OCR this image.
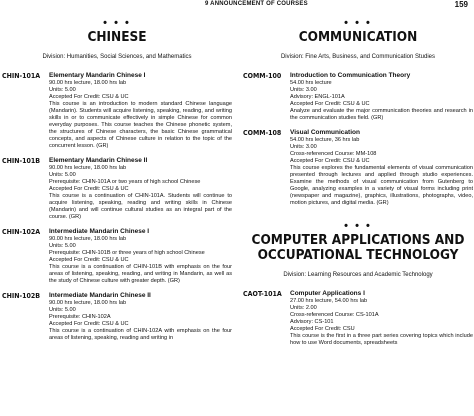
9 ANNOUNCEMENT OF COURSES	159
• • •
CHINESE
Division: Humanities, Social Sciences, and Mathematics
CHIN-101A Elementary Mandarin Chinese I
90.00 hrs lecture, 18.00 hrs lab
Units: 5.00
Accepted For Credit: CSU & UC
This course is an introduction to modern standard Chinese language (Mandarin). Students will acquire listening, speaking, reading, and writing skills in or to communicate effectively in simple Chinese for common everyday purposes. This course teaches the Chinese phonetic system, the structures of Chinese characters, the basic Chinese grammatical concepts, and aspects of Chinese culture in relation to the topic of the concurrent lesson. (GR)
CHIN-101B Elementary Mandarin Chinese II
90.00 hrs lecture, 18.00 hrs lab
Units: 5.00
Prerequisite: CHIN-101A or two years of high school Chinese
Accepted For Credit: CSU & UC
This course is a continuation of CHIN-101A. Students will continue to acquire listening, speaking, reading and writing skills in Chinese (Mandarin) and will continue cultural studies as an integral part of the course. (GR)
CHIN-102A Intermediate Mandarin Chinese I
90.00 hrs lecture, 18.00 hrs lab
Units: 5.00
Prerequisite: CHIN-101B or three years of high school Chinese
Accepted For Credit: CSU & UC
This course is a continuation of CHIN-101B with emphasis on the four areas of listening, speaking, reading, and writing in Mandarin, as well as the study of Chinese culture with greater depth. (GR)
CHIN-102B Intermediate Mandarin Chinese II
90.00 hrs lecture, 18.00 hrs lab
Units: 5.00
Prerequisite: CHIN-102A
Accepted For Credit: CSU & UC
This course is a continuation of CHIN-102A with emphasis on the four areas of listening, speaking, reading and writing in
• • •
COMMUNICATION
Division: Fine Arts, Business, and Communication Studies
COMM-100 Introduction to Communication Theory
54.00 hrs lecture
Units: 3.00
Advisory: ENGL-101A
Accepted For Credit: CSU & UC
Analyze and evaluate the major communication theories and research in the communication studies field. (GR)
COMM-108 Visual Communication
54.00 hrs lecture, 36 hrs lab
Units: 3.00
Cross-referenced Course: MM-108
Accepted For Credit: CSU & UC
This course explores the fundamental elements of visual communication presented through lectures and applied through studio experiences. Examine the methods of visual communication from Gutenberg to Google, analyzing examples in a variety of visual forms including print (newspaper and magazine), graphics, illustrations, photographs, video, motion pictures, and digital media. (GR)
• • •
COMPUTER APPLICATIONS AND OCCUPATIONAL TECHNOLOGY
Division: Learning Resources and Academic Technology
CAOT-101A Computer Applications I
27.00 hrs lecture, 54.00 hrs lab
Units: 2.00
Cross-referenced Course: CS-101A
Advisory: CS-101
Accepted For Credit: CSU
This course is the first in a three part series covering topics which include how to use Word documents, spreadsheets
